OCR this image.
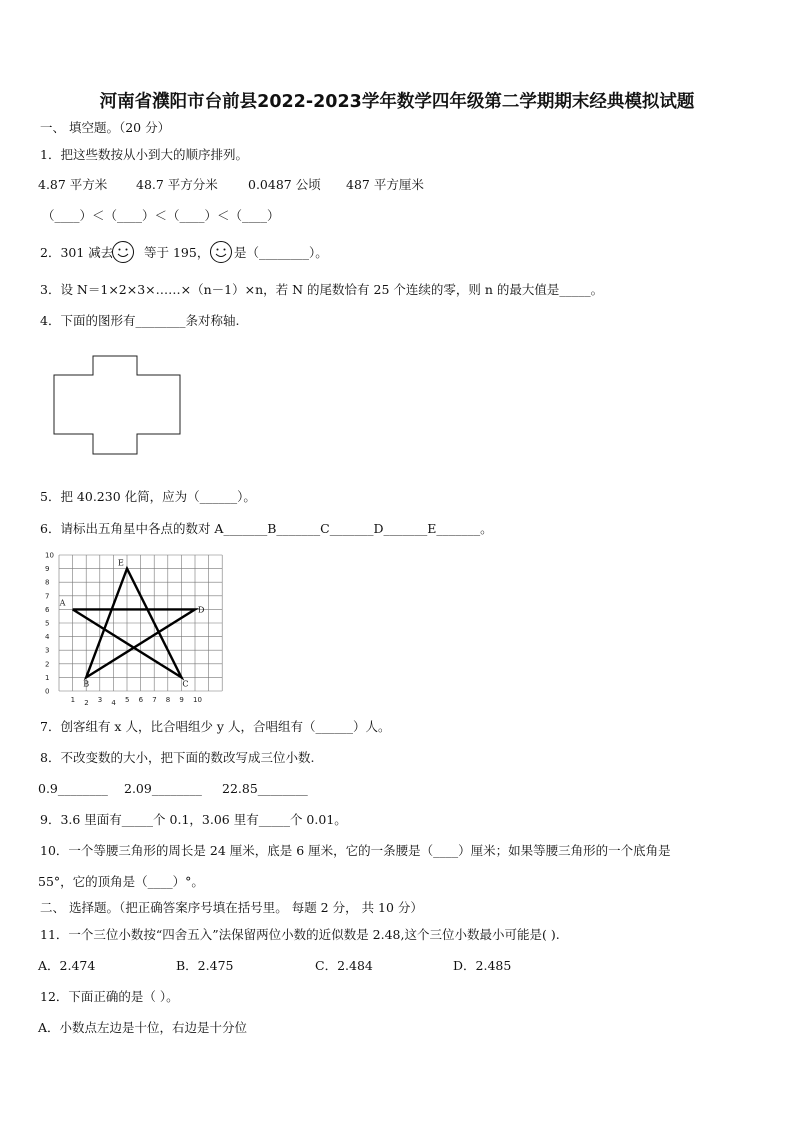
河南省濮阳市台前县2022-2023学年数学四年级第二学期期末经典模拟试题
一、 填空题。（20 分）
1．把这些数按从小到大的顺序排列。
4.87 平方米 48.7 平方分米 0.0487 公顷 487 平方厘米
（____）＜（____）＜（____）＜（____）
2．301 减去 等于 195， 是（________）。
3．设 N＝1×2×3×……×（n－1）×n，若 N 的尾数恰有 25 个连续的零，则 n 的最大值是_____。
4．下面的图形有________条对称轴.
5．把 40.230 化简，应为（______）。
6．请标出五角星中各点的数对 A_______B_______C_______D_______E_______。
0
1
2
3
4
5
6
7
8
9
10
1 2 3 4 5 6 7 8 9 10
A
B	C
D
E
7．创客组有 x 人，比合唱组少 y 人，合唱组有（______）人。
8．不改变数的大小，把下面的数改写成三位小数.
0.9________ 2.09________ 22.85________
9．3.6 里面有_____个 0.1，3.06 里有_____个 0.01。
10．一个等腰三角形的周长是 24 厘米，底是 6 厘米，它的一条腰是（____）厘米；如果等腰三角形的一个底角是
55°，它的顶角是（____）°。
二、 选择题。（把正确答案序号填在括号里。 每题 2 分， 共 10 分）
11．一个三位小数按“四舍五入”法保留两位小数的近似数是 2.48,这个三位小数最小可能是( ).
A．2.474	B．2.475	C．2.484	D．2.485
12．下面正确的是（ ）。
A．小数点左边是十位，右边是十分位
